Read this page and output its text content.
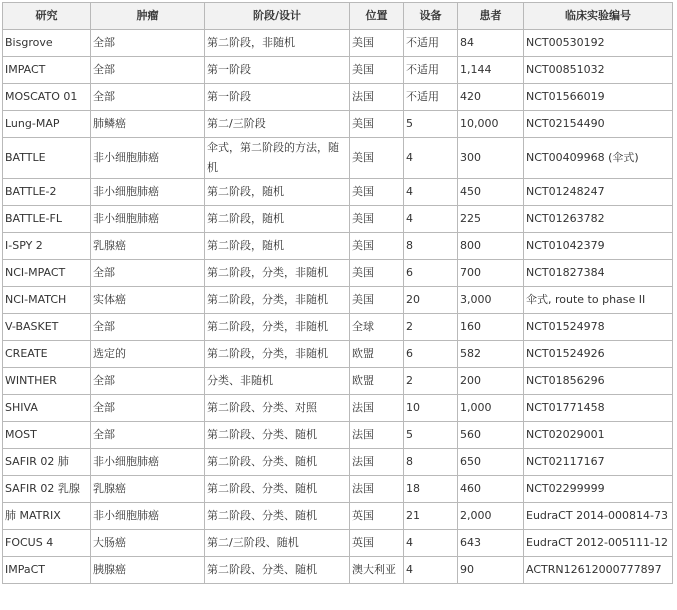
研究	肿瘤	阶段/设计	位置	设备	患者	临床实验编号
Bisgrove	全部	第二阶段，非随机	美国	不适用	84	NCT00530192
IMPACT	全部	第一阶段	美国	不适用	1,144	NCT00851032
MOSCATO 01	全部	第一阶段	法国	不适用	420	NCT01566019
Lung-MAP	肺鳞癌	第二/三阶段	美国	5	10,000	NCT02154490
BATTLE	非小细胞肺癌	伞式，第二阶段的方法，随机	美国	4	300	NCT00409968 (伞式)
BATTLE-2	非小细胞肺癌	第二阶段，随机	美国	4	450	NCT01248247
BATTLE-FL	非小细胞肺癌	第二阶段，随机	美国	4	225	NCT01263782
I-SPY 2	乳腺癌	第二阶段，随机	美国	8	800	NCT01042379
NCI-MPACT	全部	第二阶段，分类，非随机	美国	6	700	NCT01827384
NCI-MATCH	实体癌	第二阶段，分类，非随机	美国	20	3,000	伞式, route to phase II
V-BASKET	全部	第二阶段，分类，非随机	全球	2	160	NCT01524978
CREATE	选定的	第二阶段，分类，非随机	欧盟	6	582	NCT01524926
WINTHER	全部	分类、非随机	欧盟	2	200	NCT01856296
SHIVA	全部	第二阶段、分类、对照	法国	10	1,000	NCT01771458
MOST	全部	第二阶段、分类、随机	法国	5	560	NCT02029001
SAFIR 02 肺	非小细胞肺癌	第二阶段、分类、随机	法国	8	650	NCT02117167
SAFIR 02 乳腺	乳腺癌	第二阶段、分类、随机	法国	18	460	NCT02299999
肺 MATRIX	非小细胞肺癌	第二阶段、分类、随机	英国	21	2,000	EudraCT 2014-000814-73
FOCUS 4	大肠癌	第二/三阶段、随机	英国	4	643	EudraCT 2012-005111-12
IMPaCT	胰腺癌	第二阶段、分类、随机	澳大利亚	4	90	ACTRN12612000777897
